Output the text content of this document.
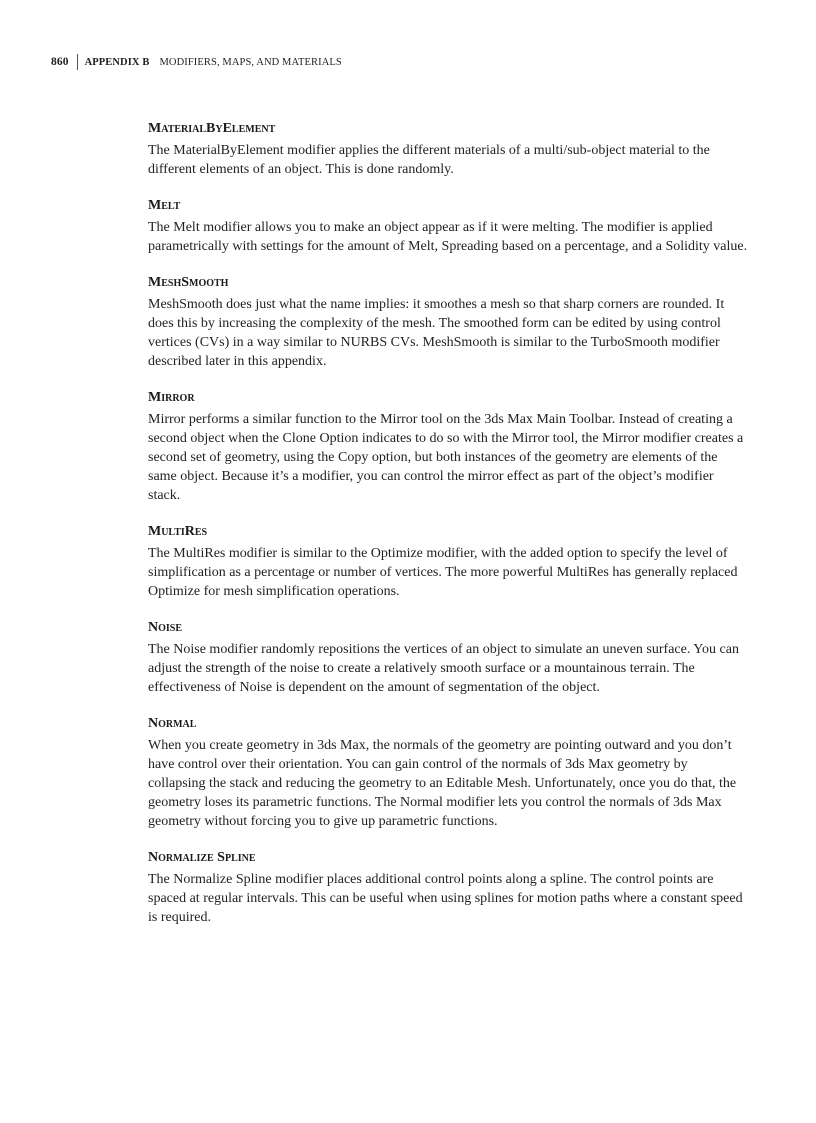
860	APPENDIX B MODIFIERS, MAPS, AND MATERIALS
MaterialByElement

The MaterialByElement modifier applies the different materials of a multi/sub-object material to the different elements of an object. This is done randomly.

Melt

The Melt modifier allows you to make an object appear as if it were melting. The modifier is applied parametrically with settings for the amount of Melt, Spreading based on a percentage, and a Solidity value.

MeshSmooth

MeshSmooth does just what the name implies: it smoothes a mesh so that sharp corners are rounded. It does this by increasing the complexity of the mesh. The smoothed form can be edited by using control vertices (CVs) in a way similar to NURBS CVs. MeshSmooth is similar to the TurboSmooth modifier described later in this appendix.

Mirror

Mirror performs a similar function to the Mirror tool on the 3ds Max Main Toolbar. Instead of creating a second object when the Clone Option indicates to do so with the Mirror tool, the Mirror modifier creates a second set of geometry, using the Copy option, but both instances of the geometry are elements of the same object. Because it’s a modifier, you can control the mirror effect as part of the object’s modifier stack.

MultiRes

The MultiRes modifier is similar to the Optimize modifier, with the added option to specify the level of simplification as a percentage or number of vertices. The more powerful MultiRes has generally replaced Optimize for mesh simplification operations.

Noise

The Noise modifier randomly repositions the vertices of an object to simulate an uneven surface. You can adjust the strength of the noise to create a relatively smooth surface or a mountainous terrain. The effectiveness of Noise is dependent on the amount of segmentation of the object.

Normal

When you create geometry in 3ds Max, the normals of the geometry are pointing outward and you don’t have control over their orientation. You can gain control of the normals of 3ds Max geometry by collapsing the stack and reducing the geometry to an Editable Mesh. Unfortunately, once you do that, the geometry loses its parametric functions. The Normal modifier lets you control the normals of 3ds Max geometry without forcing you to give up parametric functions.

Normalize Spline

The Normalize Spline modifier places additional control points along a spline. The control points are spaced at regular intervals. This can be useful when using splines for motion paths where a constant speed is required.
